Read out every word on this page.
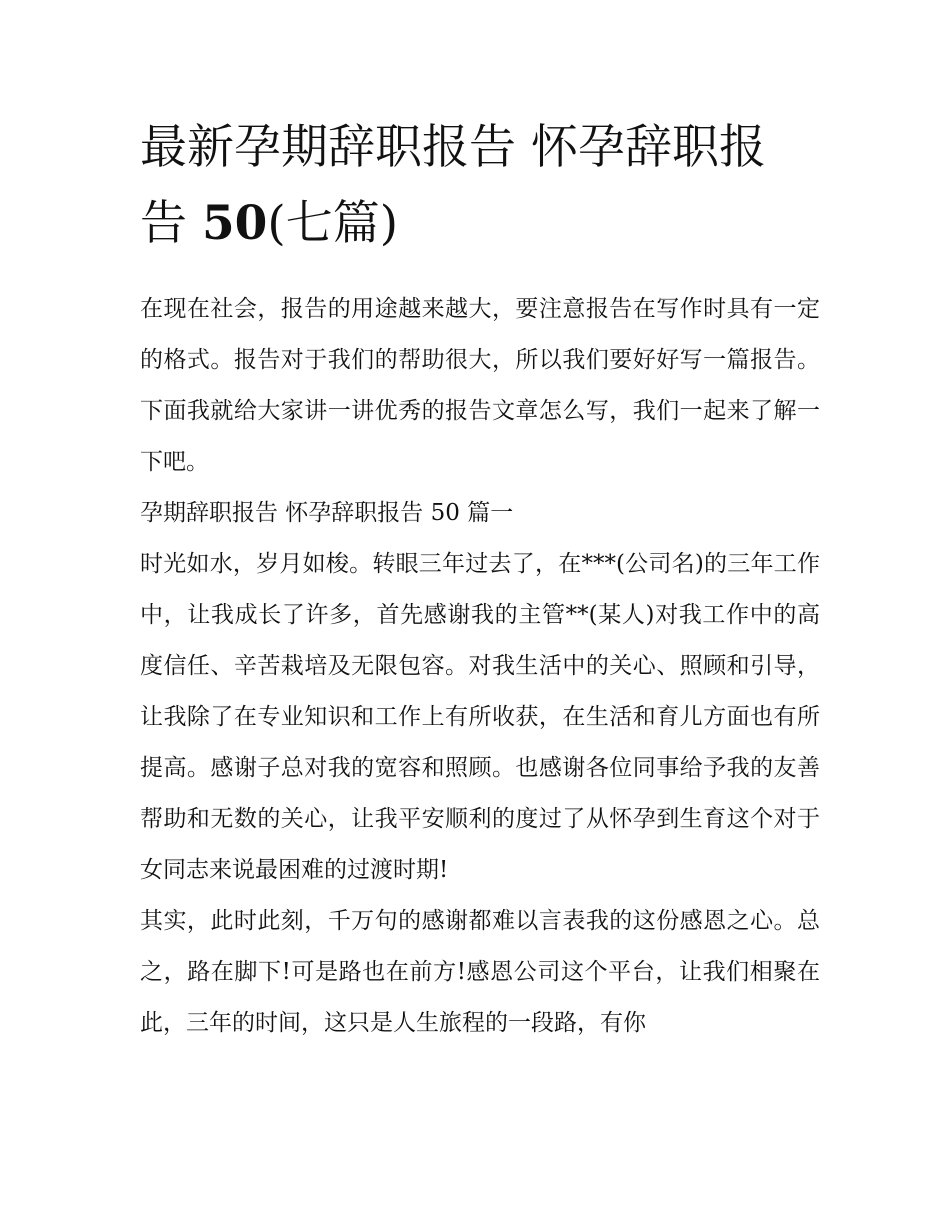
最新孕期辞职报告 怀孕辞职报
告 50(七篇)

在现在社会，报告的用途越来越大，要注意报告在写作时具有一定的格式。报告对于我们的帮助很大，所以我们要好好写一篇报告。下面我就给大家讲一讲优秀的报告文章怎么写，我们一起来了解一下吧。

孕期辞职报告 怀孕辞职报告 50 篇一

时光如水，岁月如梭。转眼三年过去了，在***(公司名)的三年工作中，让我成长了许多，首先感谢我的主管**(某人)对我工作中的高度信任、辛苦栽培及无限包容。对我生活中的关心、照顾和引导，让我除了在专业知识和工作上有所收获，在生活和育儿方面也有所提高。感谢子总对我的宽容和照顾。也感谢各位同事给予我的友善帮助和无数的关心，让我平安顺利的度过了从怀孕到生育这个对于女同志来说最困难的过渡时期!

其实，此时此刻，千万句的感谢都难以言表我的这份感恩之心。总之，路在脚下!可是路也在前方!感恩公司这个平台，让我们相聚在此，三年的时间，这只是人生旅程的一段路，有你
